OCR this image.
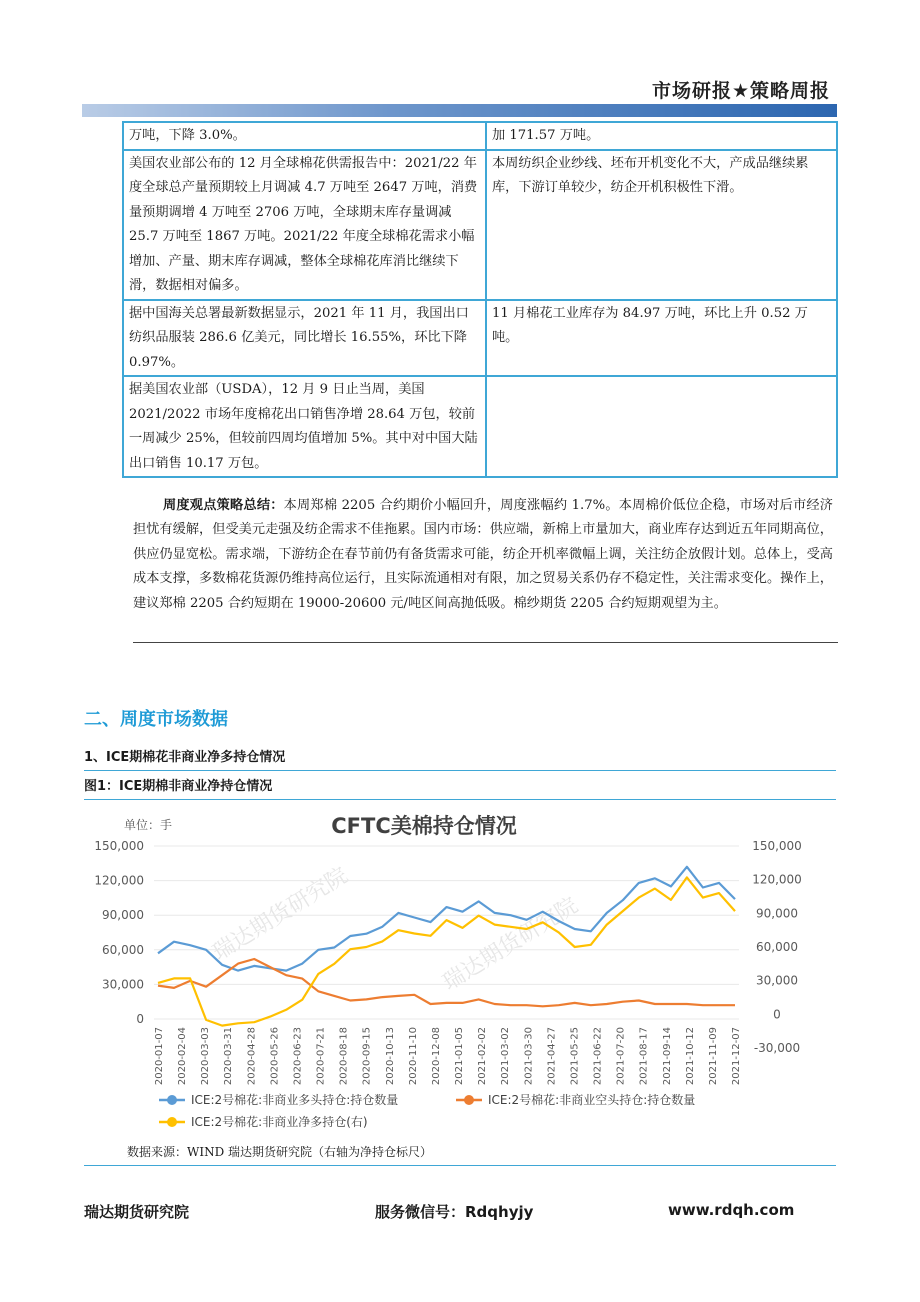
市场研报★策略周报
万吨，下降 3.0%。	加 171.57 万吨。
美国农业部公布的 12 月全球棉花供需报告中：2021/22 年度全球总产量预期较上月调减 4.7 万吨至 2647 万吨，消费量预期调增 4 万吨至 2706 万吨，全球期末库存量调减 25.7 万吨至 1867 万吨。2021/22 年度全球棉花需求小幅增加、产量、期末库存调减，整体全球棉花库消比继续下滑，数据相对偏多。	本周纺织企业纱线、坯布开机变化不大，产成品继续累库，下游订单较少，纺企开机积极性下滑。
据中国海关总署最新数据显示，2021 年 11 月，我国出口纺织品服装 286.6 亿美元，同比增长 16.55%，环比下降 0.97%。	11 月棉花工业库存为 84.97 万吨，环比上升 0.52 万吨。
据美国农业部（USDA），12 月 9 日止当周，美国 2021/2022 市场年度棉花出口销售净增 28.64 万包，较前一周减少 25%，但较前四周均值增加 5%。其中对中国大陆出口销售 10.17 万包。	
周度观点策略总结：本周郑棉 2205 合约期价小幅回升，周度涨幅约 1.7%。本周棉价低位企稳，市场对后市经济担忧有缓解，但受美元走强及纺企需求不佳拖累。国内市场：供应端，新棉上市量加大，商业库存达到近五年同期高位，供应仍显宽松。需求端，下游纺企在春节前仍有备货需求可能，纺企开机率微幅上调，关注纺企放假计划。总体上，受高成本支撑，多数棉花货源仍维持高位运行，且实际流通相对有限，加之贸易关系仍存不稳定性，关注需求变化。操作上，建议郑棉 2205 合约短期在 19000-20600 元/吨区间高抛低吸。棉纱期货 2205 合约短期观望为主。
二、周度市场数据
1、ICE期棉花非商业净多持仓情况
图1：ICE期棉非商业净持仓情况
单位：手	CFTC美棉持仓情况
瑞达期货研究院
瑞达期货研究院
150,000
120,000
90,000
60,000
30,000
0
150,000
120,000
90,000
60,000
30,000
0
-30,000
2020-01-07 2020-02-04 2020-03-03 2020-03-31 2020-04-28 2020-05-26 2020-06-23 2020-07-21 2020-08-18 2020-09-15 2020-10-13 2020-11-10 2020-12-08 2021-01-05 2021-02-02 2021-03-02 2021-03-30 2021-04-27 2021-05-25 2021-06-22 2021-07-20 2021-08-17 2021-09-14 2021-10-12 2021-11-09 2021-12-07
ICE:2号棉花:非商业多头持仓:持仓数量	ICE:2号棉花:非商业空头持仓:持仓数量
ICE:2号棉花:非商业净多持仓(右)
数据来源：WIND 瑞达期货研究院（右轴为净持仓标尺）
瑞达期货研究院	服务微信号：Rdqhyjy	www.rdqh.com
